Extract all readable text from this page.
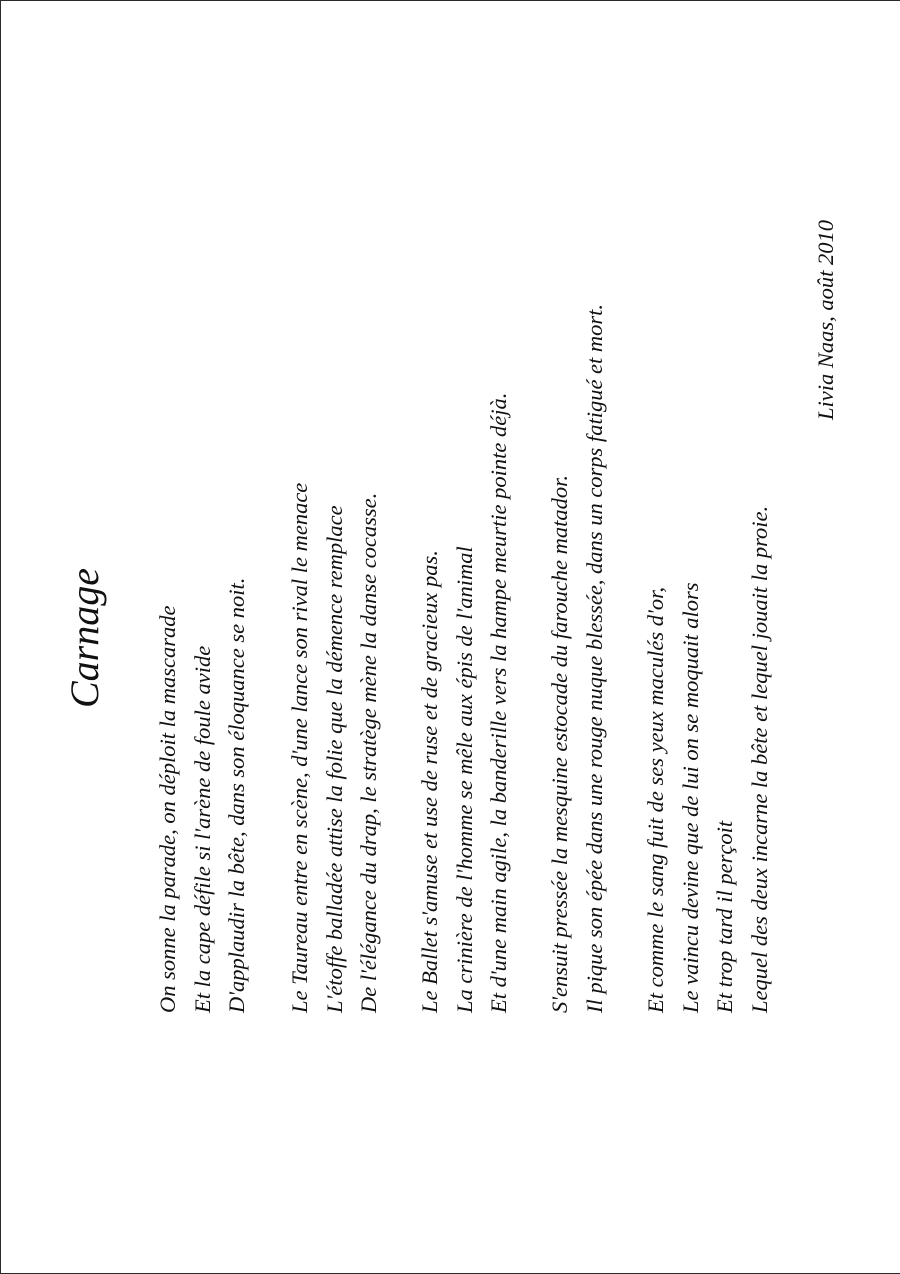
Carnage On sonne la parade, on déploit la mascarade Et la cape défile si l'arène de foule avide D'applaudir la bête, dans son éloquance se noit. Le Taureau entre en scène, d'une lance son rival le menace L'étoffe balladée attise la folie que la démence remplace De l'élégance du drap, le stratège mène la danse cocasse. Le Ballet s'amuse et use de ruse et de gracieux pas. La crinière de l'homme se mêle aux épis de l'animal Et d'une main agile, la banderille vers la hampe meurtie pointe déjà. S'ensuit pressée la mesquine estocade du farouche matador. Il pique son épée dans une rouge nuque blessée, dans un corps fatigué et mort. Et comme le sang fuit de ses yeux maculés d'or, Le vaincu devine que de lui on se moquait alors Et trop tard il perçoit Lequel des deux incarne la bête et lequel jouait la proie.

Livia Naas, août 2010
